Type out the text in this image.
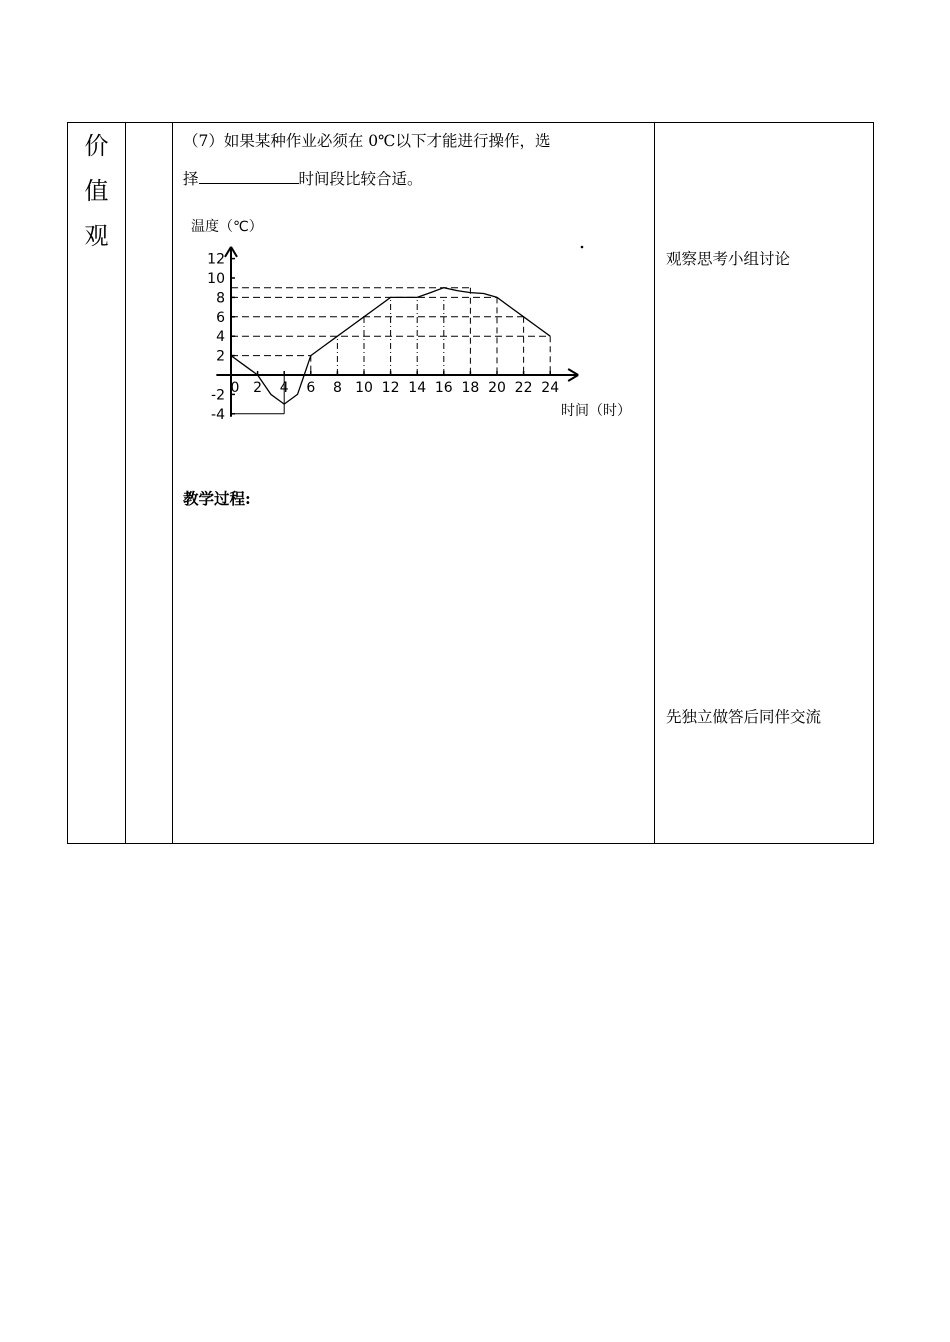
价
值
观

（7）如果某种作业必须在 0℃以下才能进行操作，选
择	时间段比较合适。
0 2 4 6 8 10 12 14 16 18 20 22 24
-4
-2
2
4
6
8
10
12
温度（℃）
时间（时）
教学过程:

观察思考小组讨论
先独立做答后同伴交流
